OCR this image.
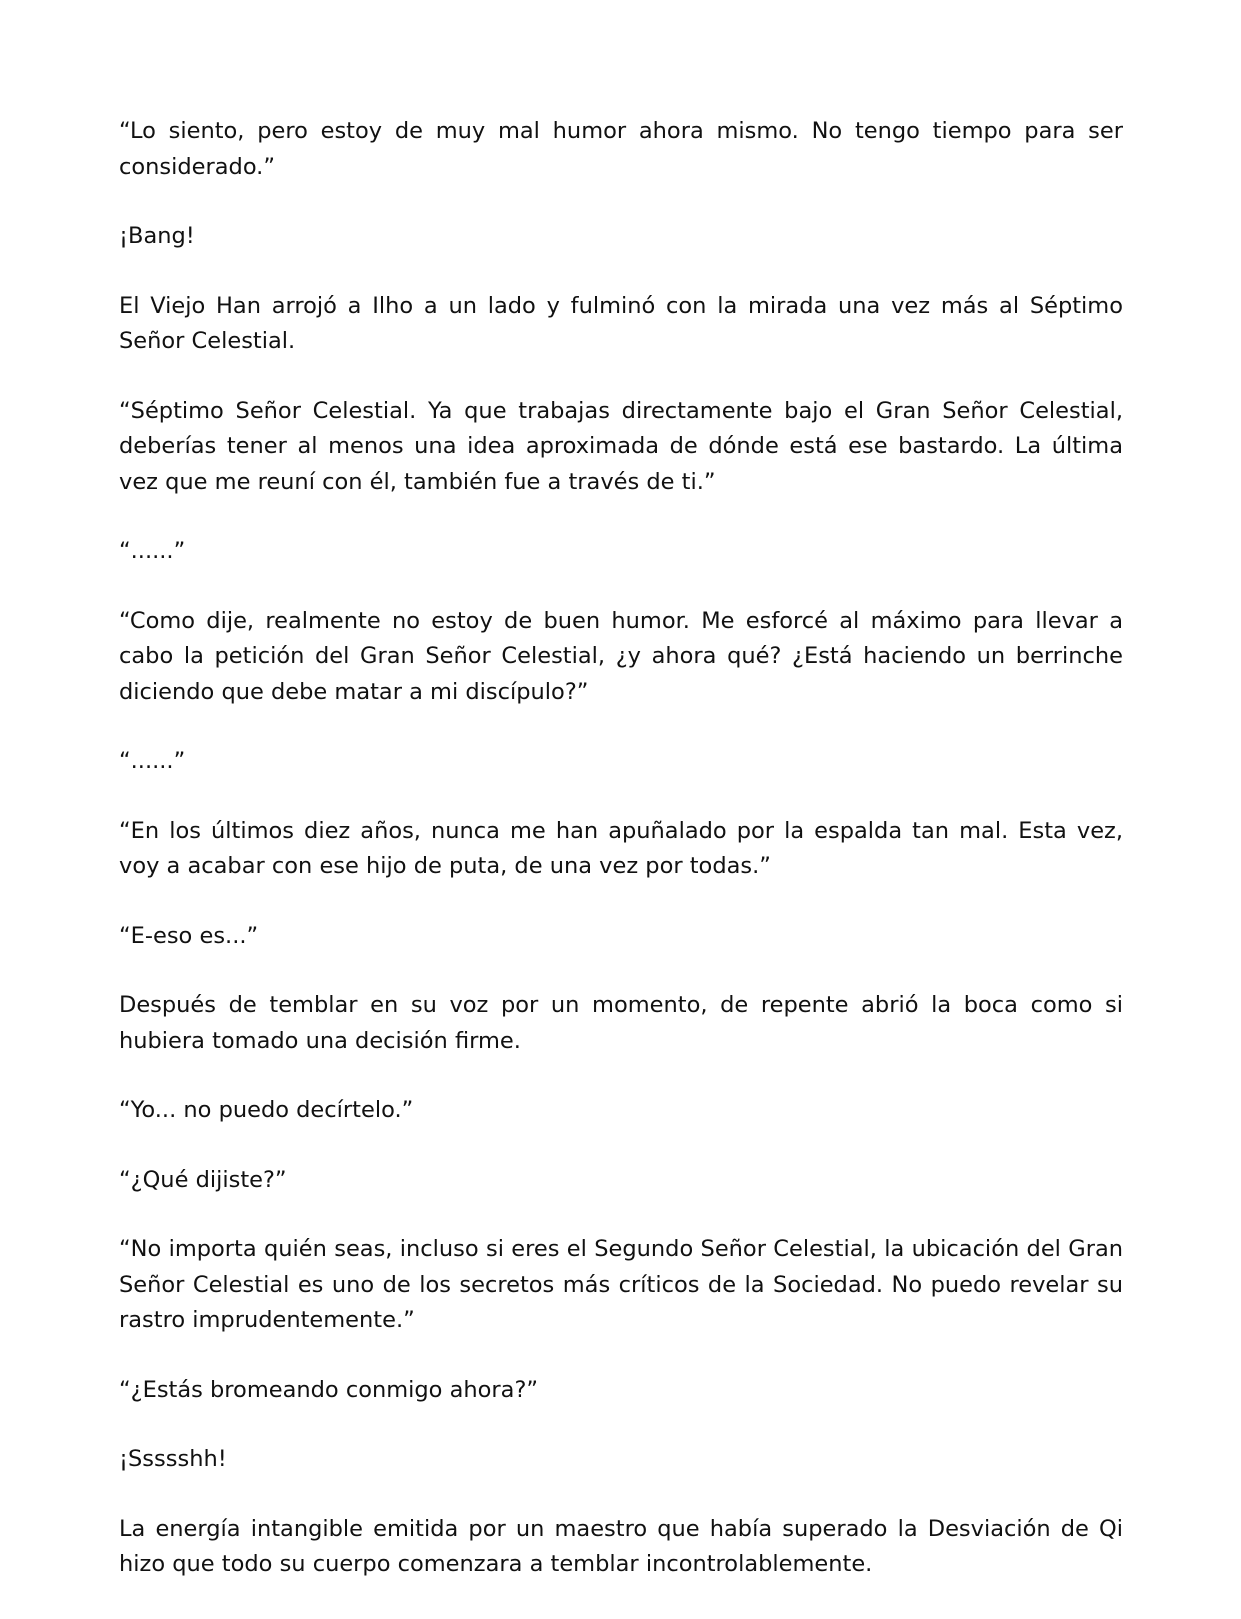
“Lo siento, pero estoy de muy mal humor ahora mismo. No tengo tiempo para ser considerado.”

¡Bang!

El Viejo Han arrojó a Ilho a un lado y fulminó con la mirada una vez más al Séptimo Señor Celestial.

“Séptimo Señor Celestial. Ya que trabajas directamente bajo el Gran Señor Celestial, deberías tener al menos una idea aproximada de dónde está ese bastardo. La última vez que me reuní con él, también fue a través de ti.”

“......”

“Como dije, realmente no estoy de buen humor. Me esforcé al máximo para llevar a cabo la petición del Gran Señor Celestial, ¿y ahora qué? ¿Está haciendo un berrinche diciendo que debe matar a mi discípulo?”

“......”

“En los últimos diez años, nunca me han apuñalado por la espalda tan mal. Esta vez, voy a acabar con ese hijo de puta, de una vez por todas.”

“E-eso es...”

Después de temblar en su voz por un momento, de repente abrió la boca como si hubiera tomado una decisión firme.

“Yo... no puedo decírtelo.”

“¿Qué dijiste?”

“No importa quién seas, incluso si eres el Segundo Señor Celestial, la ubicación del Gran Señor Celestial es uno de los secretos más críticos de la Sociedad. No puedo revelar su rastro imprudentemente.”

“¿Estás bromeando conmigo ahora?”

¡Ssssshh!

La energía intangible emitida por un maestro que había superado la Desviación de Qi hizo que todo su cuerpo comenzara a temblar incontrolablemente.
